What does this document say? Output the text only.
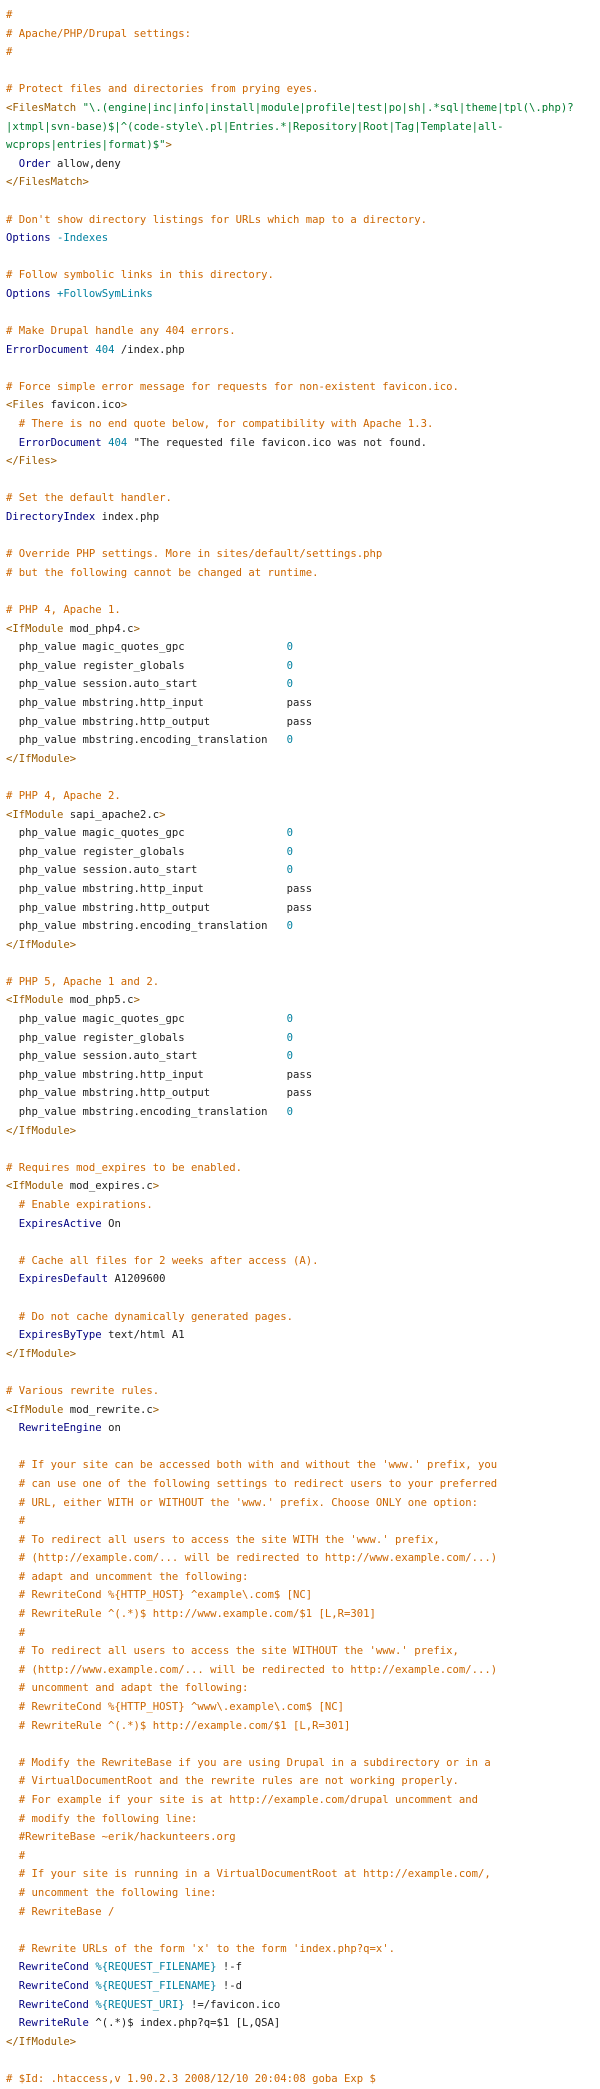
#
# Apache/PHP/Drupal settings:
#

# Protect files and directories from prying eyes.
<FilesMatch "\.(engine|inc|info|install|module|profile|test|po|sh|.*sql|theme|tpl(\.php)?
|xtmpl|svn-base)$|^(code-style\.pl|Entries.*|Repository|Root|Tag|Template|all-
wcprops|entries|format)$">
Order allow,deny
</FilesMatch>

# Don't show directory listings for URLs which map to a directory.
Options -Indexes

# Follow symbolic links in this directory.
Options +FollowSymLinks

# Make Drupal handle any 404 errors.
ErrorDocument 404 /index.php

# Force simple error message for requests for non-existent favicon.ico.
<Files favicon.ico>
# There is no end quote below, for compatibility with Apache 1.3.
ErrorDocument 404 "The requested file favicon.ico was not found.
</Files>

# Set the default handler.
DirectoryIndex index.php

# Override PHP settings. More in sites/default/settings.php
# but the following cannot be changed at runtime.

# PHP 4, Apache 1.
<IfModule mod_php4.c>
php_value magic_quotes_gpc                0
php_value register_globals                0
php_value session.auto_start              0
php_value mbstring.http_input             pass
php_value mbstring.http_output            pass
php_value mbstring.encoding_translation   0
</IfModule>

# PHP 4, Apache 2.
<IfModule sapi_apache2.c>
php_value magic_quotes_gpc                0
php_value register_globals                0
php_value session.auto_start              0
php_value mbstring.http_input             pass
php_value mbstring.http_output            pass
php_value mbstring.encoding_translation   0
</IfModule>

# PHP 5, Apache 1 and 2.
<IfModule mod_php5.c>
php_value magic_quotes_gpc                0
php_value register_globals                0
php_value session.auto_start              0
php_value mbstring.http_input             pass
php_value mbstring.http_output            pass
php_value mbstring.encoding_translation   0
</IfModule>

# Requires mod_expires to be enabled.
<IfModule mod_expires.c>
# Enable expirations.
ExpiresActive On

# Cache all files for 2 weeks after access (A).
ExpiresDefault A1209600

# Do not cache dynamically generated pages.
ExpiresByType text/html A1
</IfModule>

# Various rewrite rules.
<IfModule mod_rewrite.c>
RewriteEngine on

# If your site can be accessed both with and without the 'www.' prefix, you
# can use one of the following settings to redirect users to your preferred
# URL, either WITH or WITHOUT the 'www.' prefix. Choose ONLY one option:
#
# To redirect all users to access the site WITH the 'www.' prefix,
# (http://example.com/... will be redirected to http://www.example.com/...)
# adapt and uncomment the following:
# RewriteCond %{HTTP_HOST} ^example\.com$ [NC]
# RewriteRule ^(.*)$ http://www.example.com/$1 [L,R=301]
#
# To redirect all users to access the site WITHOUT the 'www.' prefix,
# (http://www.example.com/... will be redirected to http://example.com/...)
# uncomment and adapt the following:
# RewriteCond %{HTTP_HOST} ^www\.example\.com$ [NC]
# RewriteRule ^(.*)$ http://example.com/$1 [L,R=301]

# Modify the RewriteBase if you are using Drupal in a subdirectory or in a
# VirtualDocumentRoot and the rewrite rules are not working properly.
# For example if your site is at http://example.com/drupal uncomment and
# modify the following line:
#RewriteBase ~erik/hackunteers.org
#
# If your site is running in a VirtualDocumentRoot at http://example.com/,
# uncomment the following line:
# RewriteBase /

# Rewrite URLs of the form 'x' to the form 'index.php?q=x'.
RewriteCond %{REQUEST_FILENAME} !-f
RewriteCond %{REQUEST_FILENAME} !-d
RewriteCond %{REQUEST_URI} !=/favicon.ico
RewriteRule ^(.*)$ index.php?q=$1 [L,QSA]
</IfModule>

# $Id: .htaccess,v 1.90.2.3 2008/12/10 20:04:08 goba Exp $
